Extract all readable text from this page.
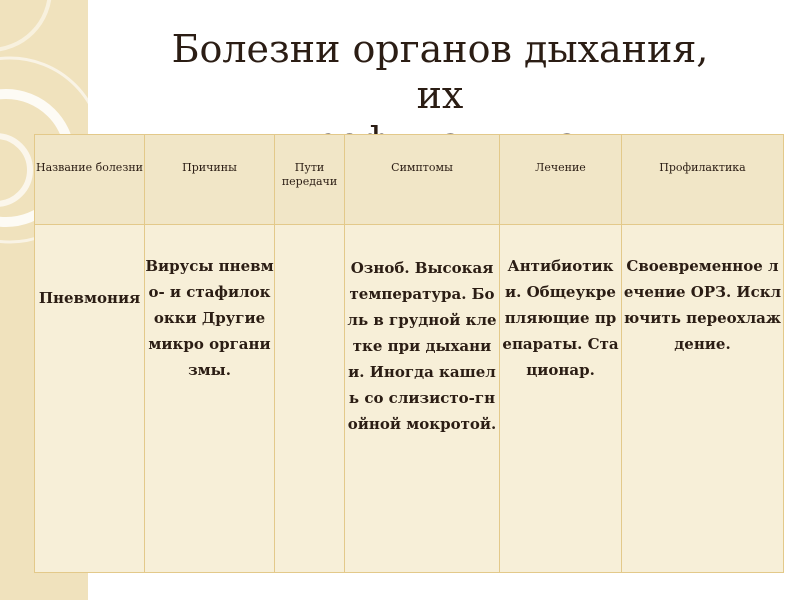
Болезни органов дыхания, их
Название болезни	Причины	Пути передачи	Симптомы	Лечение	Профилактика
Пневмония	Вирусы пневмо- и стафилококки Другие микро организмы.		Озноб. Высокая температура. Боль в грудной клетке при дыхании. Иногда кашель со слизисто-гнойной мокротой.	Антибиотики. Общеукрепляющие препараты. Стационар.	Своевременное лечение ОРЗ. Исключить переохлаждение.
